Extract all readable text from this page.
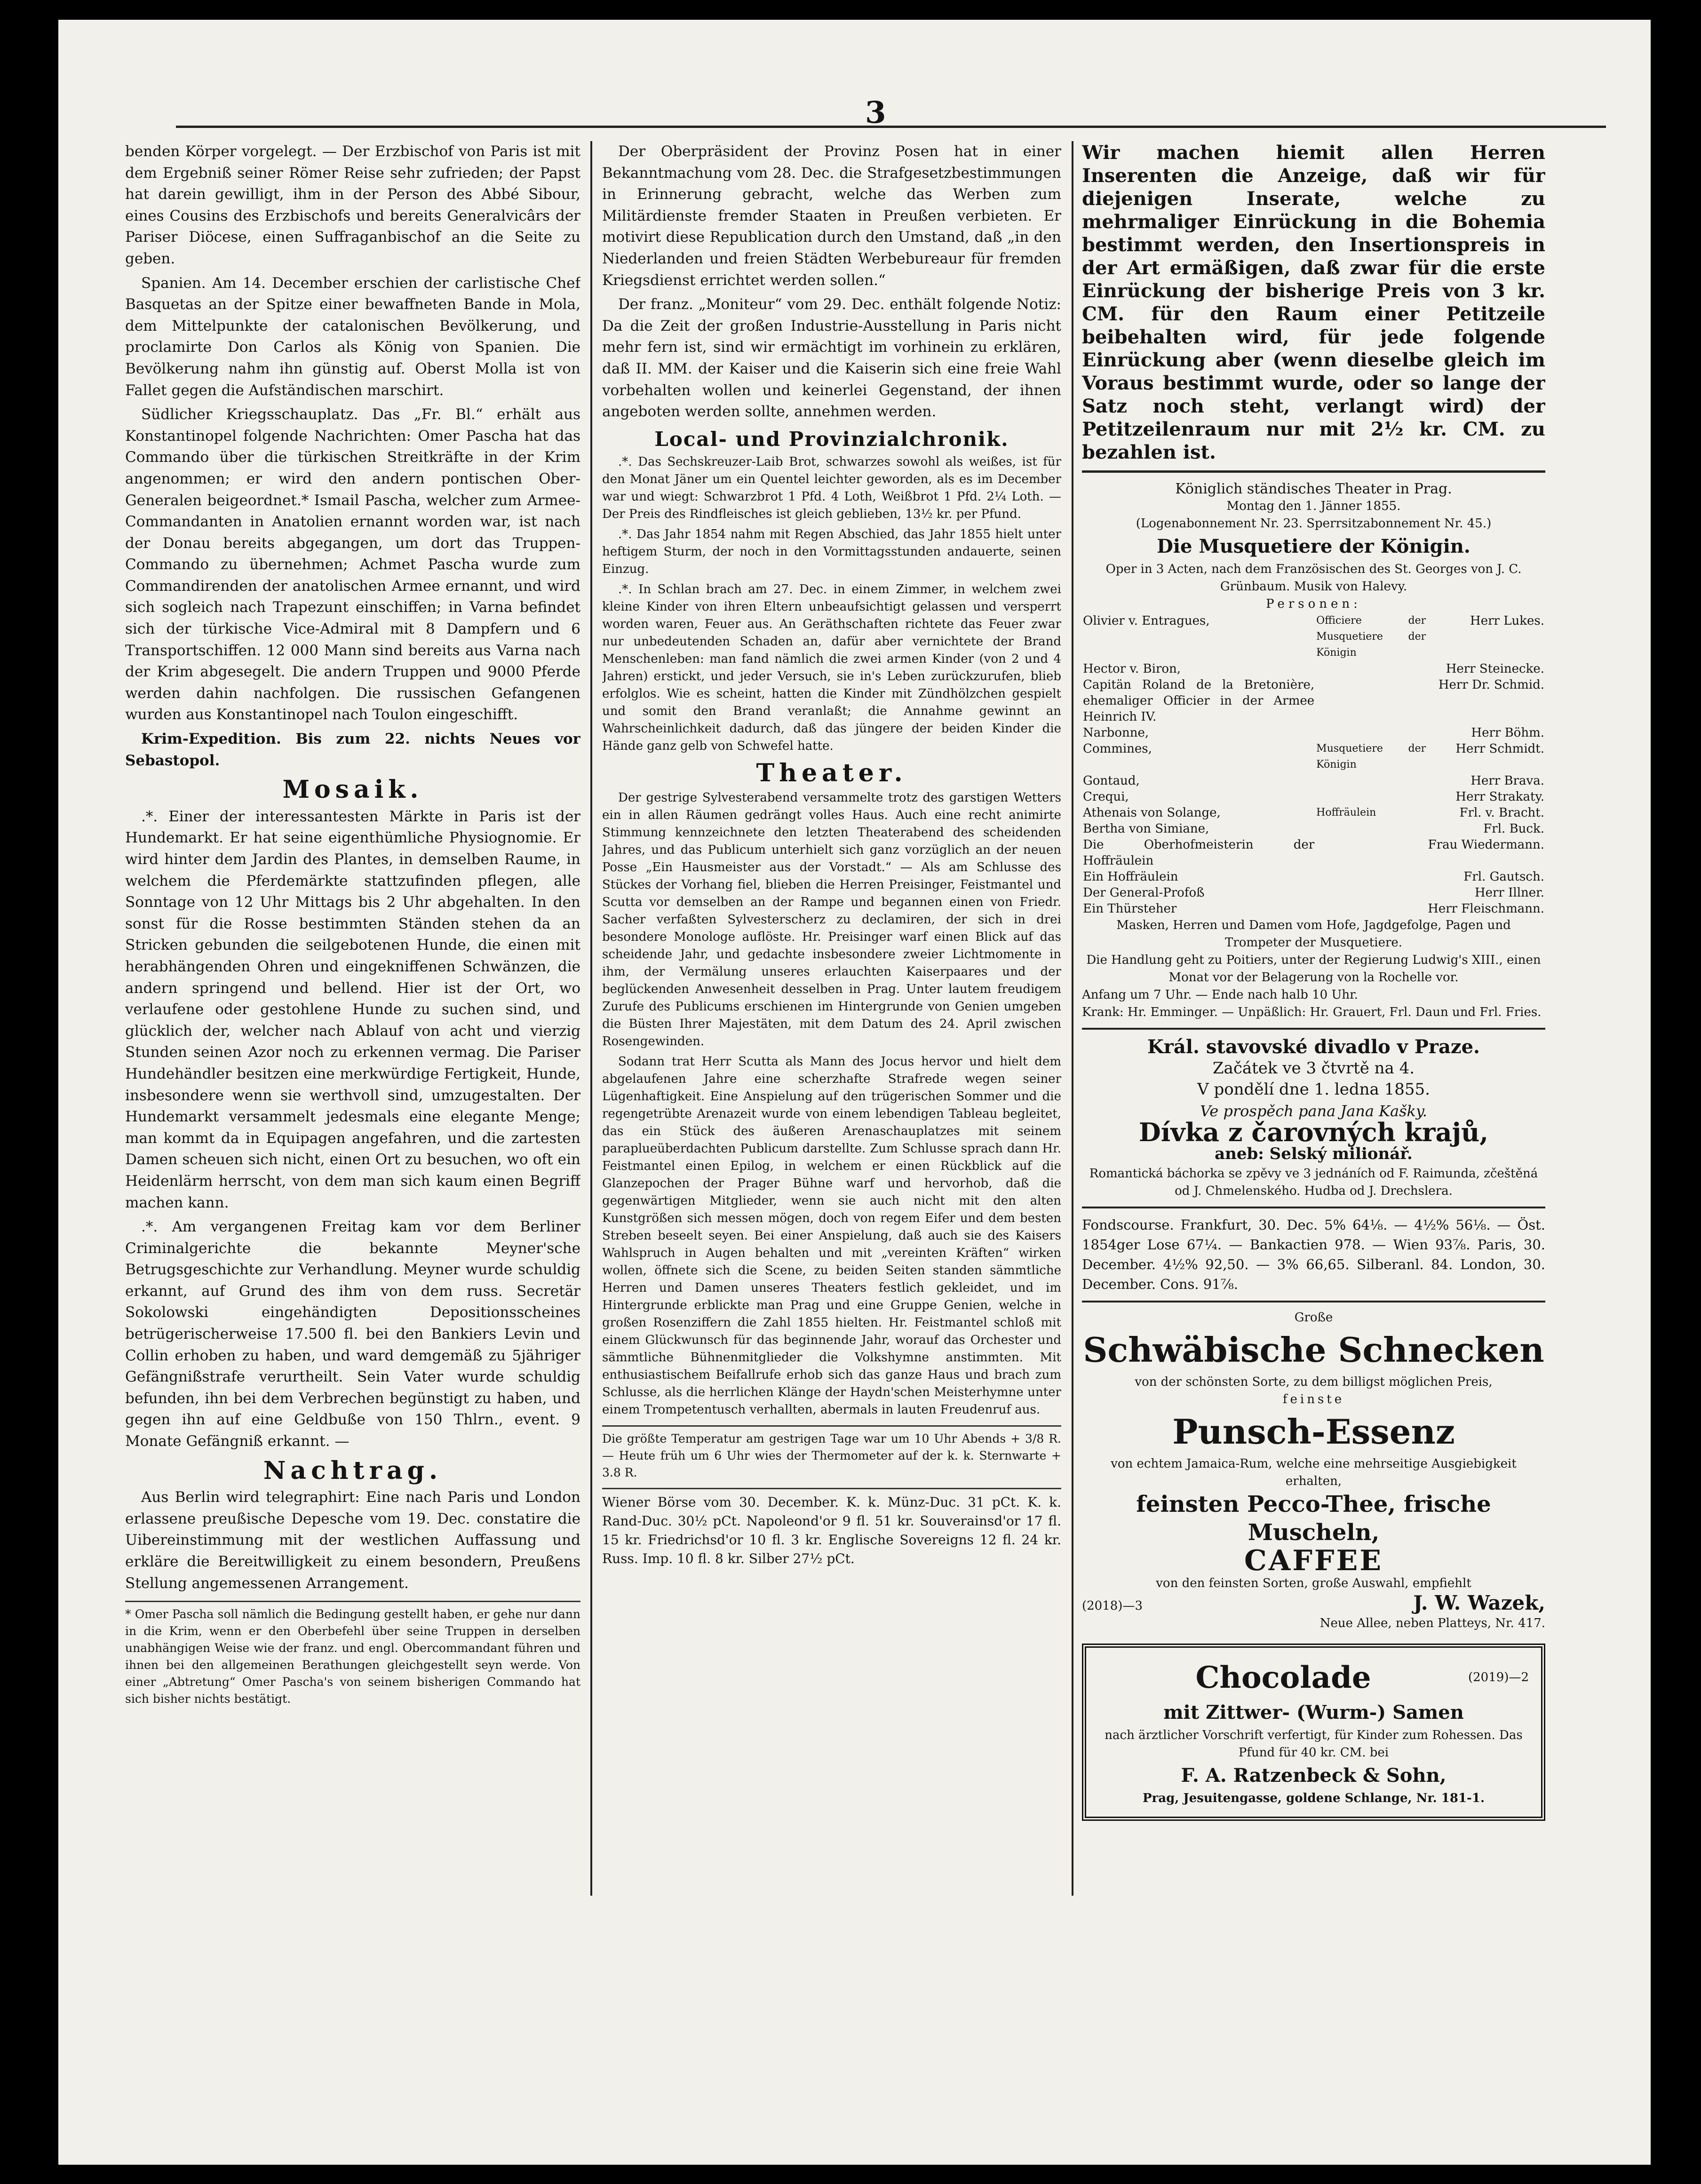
3

benden Körper vorgelegt. — Der Erzbischof von Paris ist mit dem Ergebniß seiner Römer Reise sehr zufrieden; der Papst hat darein gewilligt, ihm in der Person des Abbé Sibour, eines Cousins des Erzbischofs und bereits Generalvicârs der Pariser Diöcese, einen Suffraganbischof an die Seite zu geben.

Spanien. Am 14. December erschien der carlistische Chef Basquetas an der Spitze einer bewaffneten Bande in Mola, dem Mittelpunkte der catalonischen Bevölkerung, und proclamirte Don Carlos als König von Spanien. Die Bevölkerung nahm ihn günstig auf. Oberst Molla ist von Fallet gegen die Aufständischen marschirt.

Südlicher Kriegsschauplatz. Das „Fr. Bl.“ erhält aus Konstantinopel folgende Nachrichten: Omer Pascha hat das Commando über die türkischen Streitkräfte in der Krim angenommen; er wird den andern pontischen Ober-Generalen beigeordnet.* Ismail Pascha, welcher zum Armee-Commandanten in Anatolien ernannt worden war, ist nach der Donau bereits abgegangen, um dort das Truppen-Commando zu übernehmen; Achmet Pascha wurde zum Commandirenden der anatolischen Armee ernannt, und wird sich sogleich nach Trapezunt einschiffen; in Varna befindet sich der türkische Vice-Admiral mit 8 Dampfern und 6 Transportschiffen. 12 000 Mann sind bereits aus Varna nach der Krim abgesegelt. Die andern Truppen und 9000 Pferde werden dahin nachfolgen. Die russischen Gefangenen wurden aus Konstantinopel nach Toulon eingeschifft.

Krim-Expedition. Bis zum 22. nichts Neues vor Sebastopol.

Mosaik.

.*. Einer der interessantesten Märkte in Paris ist der Hundemarkt. Er hat seine eigenthümliche Physiognomie. Er wird hinter dem Jardin des Plantes, in demselben Raume, in welchem die Pferdemärkte stattzufinden pflegen, alle Sonntage von 12 Uhr Mittags bis 2 Uhr abgehalten. In den sonst für die Rosse bestimmten Ständen stehen da an Stricken gebunden die seilgebotenen Hunde, die einen mit herabhängenden Ohren und eingekniffenen Schwänzen, die andern springend und bellend. Hier ist der Ort, wo verlaufene oder gestohlene Hunde zu suchen sind, und glücklich der, welcher nach Ablauf von acht und vierzig Stunden seinen Azor noch zu erkennen vermag. Die Pariser Hundehändler besitzen eine merkwürdige Fertigkeit, Hunde, insbesondere wenn sie werthvoll sind, umzugestalten. Der Hundemarkt versammelt jedesmals eine elegante Menge; man kommt da in Equipagen angefahren, und die zartesten Damen scheuen sich nicht, einen Ort zu besuchen, wo oft ein Heidenlärm herrscht, von dem man sich kaum einen Begriff machen kann.

.*. Am vergangenen Freitag kam vor dem Berliner Criminalgerichte die bekannte Meyner'sche Betrugsgeschichte zur Verhandlung. Meyner wurde schuldig erkannt, auf Grund des ihm von dem russ. Secretär Sokolowski eingehändigten Depositionsscheines betrügerischerweise 17.500 fl. bei den Bankiers Levin und Collin erhoben zu haben, und ward demgemäß zu 5jähriger Gefängnißstrafe verurtheilt. Sein Vater wurde schuldig befunden, ihn bei dem Verbrechen begünstigt zu haben, und gegen ihn auf eine Geldbuße von 150 Thlrn., event. 9 Monate Gefängniß erkannt. —

Nachtrag.

Aus Berlin wird telegraphirt: Eine nach Paris und London erlassene preußische Depesche vom 19. Dec. constatire die Uibereinstimmung mit der westlichen Auffassung und erkläre die Bereitwilligkeit zu einem besondern, Preußens Stellung angemessenen Arrangement.

* Omer Pascha soll nämlich die Bedingung gestellt haben, er gehe nur dann in die Krim, wenn er den Oberbefehl über seine Truppen in derselben unabhängigen Weise wie der franz. und engl. Obercommandant führen und ihnen bei den allgemeinen Berathungen gleichgestellt seyn werde. Von einer „Abtretung“ Omer Pascha's von seinem bisherigen Commando hat sich bisher nichts bestätigt.

Der Oberpräsident der Provinz Posen hat in einer Bekanntmachung vom 28. Dec. die Strafgesetzbestimmungen in Erinnerung gebracht, welche das Werben zum Militärdienste fremder Staaten in Preußen verbieten. Er motivirt diese Republication durch den Umstand, daß „in den Niederlanden und freien Städten Werbebureaur für fremden Kriegsdienst errichtet werden sollen.“

Der franz. „Moniteur“ vom 29. Dec. enthält folgende Notiz: Da die Zeit der großen Industrie-Ausstellung in Paris nicht mehr fern ist, sind wir ermächtigt im vorhinein zu erklären, daß II. MM. der Kaiser und die Kaiserin sich eine freie Wahl vorbehalten wollen und keinerlei Gegenstand, der ihnen angeboten werden sollte, annehmen werden.

Local- und Provinzialchronik.

.*. Das Sechskreuzer-Laib Brot, schwarzes sowohl als weißes, ist für den Monat Jäner um ein Quentel leichter geworden, als es im December war und wiegt: Schwarzbrot 1 Pfd. 4 Loth, Weißbrot 1 Pfd. 2¼ Loth. — Der Preis des Rindfleisches ist gleich geblieben, 13½ kr. per Pfund.

.*. Das Jahr 1854 nahm mit Regen Abschied, das Jahr 1855 hielt unter heftigem Sturm, der noch in den Vormittagsstunden andauerte, seinen Einzug.

.*. In Schlan brach am 27. Dec. in einem Zimmer, in welchem zwei kleine Kinder von ihren Eltern unbeaufsichtigt gelassen und versperrt worden waren, Feuer aus. An Geräthschaften richtete das Feuer zwar nur unbedeutenden Schaden an, dafür aber vernichtete der Brand Menschenleben: man fand nämlich die zwei armen Kinder (von 2 und 4 Jahren) erstickt, und jeder Versuch, sie in's Leben zurückzurufen, blieb erfolglos. Wie es scheint, hatten die Kinder mit Zündhölzchen gespielt und somit den Brand veranlaßt; die Annahme gewinnt an Wahrscheinlichkeit dadurch, daß das jüngere der beiden Kinder die Hände ganz gelb von Schwefel hatte.

Theater.

Der gestrige Sylvesterabend versammelte trotz des garstigen Wetters ein in allen Räumen gedrängt volles Haus. Auch eine recht animirte Stimmung kennzeichnete den letzten Theaterabend des scheidenden Jahres, und das Publicum unterhielt sich ganz vorzüglich an der neuen Posse „Ein Hausmeister aus der Vorstadt.“ — Als am Schlusse des Stückes der Vorhang fiel, blieben die Herren Preisinger, Feistmantel und Scutta vor demselben an der Rampe und begannen einen von Friedr. Sacher verfaßten Sylvesterscherz zu declamiren, der sich in drei besondere Monologe auflöste. Hr. Preisinger warf einen Blick auf das scheidende Jahr, und gedachte insbesondere zweier Lichtmomente in ihm, der Vermälung unseres erlauchten Kaiserpaares und der beglückenden Anwesenheit desselben in Prag. Unter lautem freudigem Zurufe des Publicums erschienen im Hintergrunde von Genien umgeben die Büsten Ihrer Majestäten, mit dem Datum des 24. April zwischen Rosengewinden.

Sodann trat Herr Scutta als Mann des Jocus hervor und hielt dem abgelaufenen Jahre eine scherzhafte Strafrede wegen seiner Lügenhaftigkeit. Eine Anspielung auf den trügerischen Sommer und die regengetrübte Arenazeit wurde von einem lebendigen Tableau begleitet, das ein Stück des äußeren Arenaschauplatzes mit seinem paraplueüberdachten Publicum darstellte. Zum Schlusse sprach dann Hr. Feistmantel einen Epilog, in welchem er einen Rückblick auf die Glanzepochen der Prager Bühne warf und hervorhob, daß die gegenwärtigen Mitglieder, wenn sie auch nicht mit den alten Kunstgrößen sich messen mögen, doch von regem Eifer und dem besten Streben beseelt seyen. Bei einer Anspielung, daß auch sie des Kaisers Wahlspruch in Augen behalten und mit „vereinten Kräften“ wirken wollen, öffnete sich die Scene, zu beiden Seiten standen sämmtliche Herren und Damen unseres Theaters festlich gekleidet, und im Hintergrunde erblickte man Prag und eine Gruppe Genien, welche in großen Rosenziffern die Zahl 1855 hielten. Hr. Feistmantel schloß mit einem Glückwunsch für das beginnende Jahr, worauf das Orchester und sämmtliche Bühnenmitglieder die Volkshymne anstimmten. Mit enthusiastischem Beifallrufe erhob sich das ganze Haus und brach zum Schlusse, als die herrlichen Klänge der Haydn'schen Meisterhymne unter einem Trompetentusch verhallten, abermals in lauten Freudenruf aus.

Die größte Temperatur am gestrigen Tage war um 10 Uhr Abends + 3/8 R. — Heute früh um 6 Uhr wies der Thermometer auf der k. k. Sternwarte + 3.8 R.
Wiener Börse vom 30. December. K. k. Münz-Duc. 31 pCt. K. k. Rand-Duc. 30½ pCt. Napoleond'or 9 fl. 51 kr. Souverainsd'or 17 fl. 15 kr. Friedrichsd'or 10 fl. 3 kr. Englische Sovereigns 12 fl. 24 kr. Russ. Imp. 10 fl. 8 kr. Silber 27½ pCt.
Wir machen hiemit allen Herren Inserenten die Anzeige, daß wir für diejenigen Inserate, welche zu mehrmaliger Einrückung in die Bohemia bestimmt werden, den Insertionspreis in der Art ermäßigen, daß zwar für die erste Einrückung der bisherige Preis von 3 kr. CM. für den Raum einer Petitzeile beibehalten wird, für jede folgende Einrückung aber (wenn dieselbe gleich im Voraus bestimmt wurde, oder so lange der Satz noch steht, verlangt wird) der Petitzeilenraum nur mit 2½ kr. CM. zu bezahlen ist.
Königlich ständisches Theater in Prag.
Montag den 1. Jänner 1855.
(Logenabonnement Nr. 23. Sperrsitzabonnement Nr. 45.)
Die Musquetiere der Königin.
Oper in 3 Acten, nach dem Französischen des St. Georges von J. C. Grünbaum. Musik von Halevy.
Personen:
Olivier v. Entragues,	Officiere der Musquetiere der Königin	Herr Lukes.
Hector v. Biron,		Herr Steinecke.
Capitän Roland de la Bretonière, ehemaliger Officier in der Armee Heinrich IV.		Herr Dr. Schmid.
Narbonne,		Herr Böhm.
Commines,	Musquetiere der Königin	Herr Schmidt.
Gontaud,		Herr Brava.
Crequi,		Herr Strakaty.
Athenais von Solange,	Hoffräulein	Frl. v. Bracht.
Bertha von Simiane,		Frl. Buck.
Die Oberhofmeisterin der Hoffräulein		Frau Wiedermann.
Ein Hoffräulein		Frl. Gautsch.
Der General-Profoß		Herr Illner.
Ein Thürsteher		Herr Fleischmann.
Masken, Herren und Damen vom Hofe, Jagdgefolge, Pagen und Trompeter der Musquetiere.
Die Handlung geht zu Poitiers, unter der Regierung Ludwig's XIII., einen Monat vor der Belagerung von la Rochelle vor.
Anfang um 7 Uhr. — Ende nach halb 10 Uhr.
Krank: Hr. Emminger. — Unpäßlich: Hr. Grauert, Frl. Daun und Frl. Fries.
Král. stavovské divadlo v Praze.
Začátek ve 3 čtvrtě na 4.
V pondělí dne 1. ledna 1855.
Ve prospěch pana Jana Kašky.
Dívka z čarovných krajů,
aneb: Selský milionář.
Romantická báchorka se zpěvy ve 3 jednáních od F. Raimunda, zčeštěná od J. Chmelenského. Hudba od J. Drechslera.
Fondscourse. Frankfurt, 30. Dec. 5% 64⅛. — 4½% 56⅛. — Öst. 1854ger Lose 67¼. — Bankactien 978. — Wien 93⅞. Paris, 30. December. 4½% 92,50. — 3% 66,65. Silberanl. 84. London, 30. December. Cons. 91⅞.
Große
Schwäbische Schnecken
von der schönsten Sorte, zu dem billigst möglichen Preis,
feinste
Punsch-Essenz
von echtem Jamaica-Rum, welche eine mehrseitige Ausgiebigkeit erhalten,
feinsten Pecco-Thee, frische Muscheln,
CAFFEE
von den feinsten Sorten, große Auswahl, empfiehlt
(2018)—3	J. W. Wazek,
Neue Allee, neben Platteys, Nr. 417.
Chocolade	(2019)—2
mit Zittwer- (Wurm-) Samen
nach ärztlicher Vorschrift verfertigt, für Kinder zum Rohessen. Das Pfund für 40 kr. CM. bei
F. A. Ratzenbeck & Sohn,
Prag, Jesuitengasse, goldene Schlange, Nr. 181-1.
